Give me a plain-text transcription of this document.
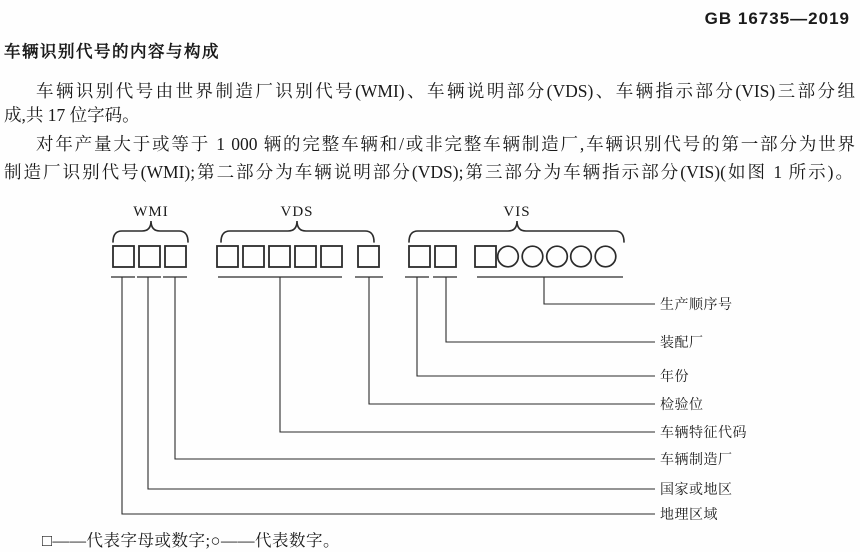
GB 16735—2019
车辆识别代号的内容与构成
车辆识别代号由世界制造厂识别代号(WMI)、车辆说明部分(VDS)、车辆指示部分(VIS)三部分组
成,共 17 位字码。
对年产量大于或等于 1 000 辆的完整车辆和/或非完整车辆制造厂,车辆识别代号的第一部分为世界
制造厂识别代号(WMI);第二部分为车辆说明部分(VDS);第三部分为车辆指示部分(VIS)(如图 1 所示)。
WMI	VDS	VIS
生产顺序号
装配厂
年份
检验位
车辆特征代码
车辆制造厂
国家或地区
地理区域
□——代表字母或数字;○——代表数字。
